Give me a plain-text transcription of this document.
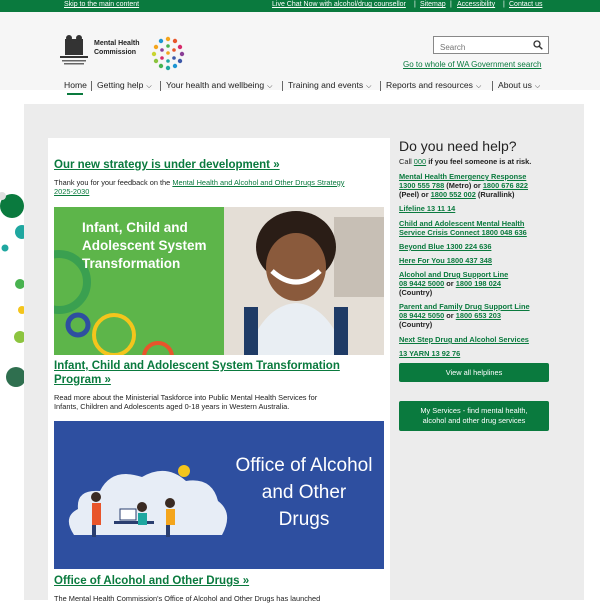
Skip to the main content	Live Chat Now with alcohol/drug counsellor | Sitemap | Accessibility | Contact us
Mental Health
Commission
Search
Go to whole of WA Government search
Home Getting help ⌵ Your health and wellbeing ⌵ Training and events ⌵ Reports and resources ⌵ About us ⌵
Our new strategy is under development »
Thank you for your feedback on the Mental Health and Alcohol and Other Drugs Strategy
2025-2030
Infant, Child and Adolescent System Transformation
Infant, Child and Adolescent System Transformation
Program »
Read more about the Ministerial Taskforce into Public Mental Health Services for
Infants, Children and Adolescents aged 0-18 years in Western Australia.
Office of Alcohol and Other Drugs
Office of Alcohol and Other Drugs »
The Mental Health Commission's Office of Alcohol and Other Drugs has launched
Do you need help?
Call 000 if you feel someone is at risk.
Mental Health Emergency Response
1300 555 788 (Metro) or 1800 676 822
(Peel) or 1800 552 002 (Rurallink)
Lifeline 13 11 14
Child and Adolescent Mental Health
Service Crisis Connect 1800 048 636
Beyond Blue 1300 224 636
Here For You 1800 437 348
Alcohol and Drug Support Line
08 9442 5000 or 1800 198 024
(Country)
Parent and Family Drug Support Line
08 9442 5050 or 1800 653 203
(Country)
Next Step Drug and Alcohol Services
13 YARN 13 92 76
View all helplines
My Services - find mental health,
alcohol and other drug services
